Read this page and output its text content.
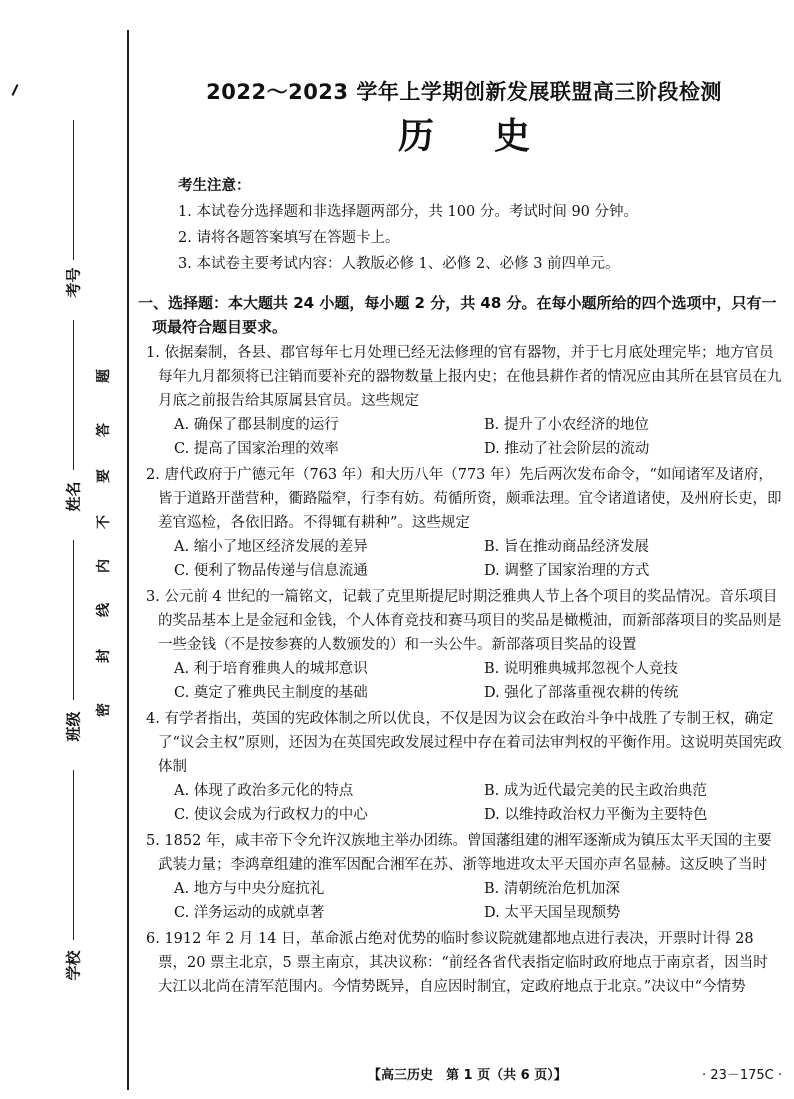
考号
姓名
班级
学校
密
封
线
内
不
要
答
题
2022～2023 学年上学期创新发展联盟高三阶段检测
历史
考生注意：
1. 本试卷分选择题和非选择题两部分，共 100 分。考试时间 90 分钟。
2. 请将各题答案填写在答题卡上。
3. 本试卷主要考试内容：人教版必修 1、必修 2、必修 3 前四单元。
一、选择题：本大题共 24 小题，每小题 2 分，共 48 分。在每小题所给的四个选项中，只有一项最符合题目要求。
1. 依据秦制，各县、郡官每年七月处理已经无法修理的官有器物，并于七月底处理完毕；地方官员每年九月都须将已注销而要补充的器物数量上报内史；在他县耕作者的情况应由其所在县官员在九月底之前报告给其原属县官员。这些规定
A. 确保了郡县制度的运行	B. 提升了小农经济的地位
C. 提高了国家治理的效率	D. 推动了社会阶层的流动
2. 唐代政府于广德元年（763 年）和大历八年（773 年）先后两次发布命令，“如闻诸军及诸府，皆于道路开凿营种，衢路隘窄，行李有妨。苟循所资，颇乖法理。宜令诸道诸使，及州府长吏，即差官巡检，各依旧路。不得辄有耕种”。这些规定
A. 缩小了地区经济发展的差异	B. 旨在推动商品经济发展
C. 便利了物品传递与信息流通	D. 调整了国家治理的方式
3. 公元前 4 世纪的一篇铭文，记载了克里斯提尼时期泛雅典人节上各个项目的奖品情况。音乐项目的奖品基本上是金冠和金钱，个人体育竞技和赛马项目的奖品是橄榄油，而新部落项目的奖品则是一些金钱（不是按参赛的人数颁发的）和一头公牛。新部落项目奖品的设置
A. 利于培育雅典人的城邦意识	B. 说明雅典城邦忽视个人竞技
C. 奠定了雅典民主制度的基础	D. 强化了部落重视农耕的传统
4. 有学者指出，英国的宪政体制之所以优良，不仅是因为议会在政治斗争中战胜了专制王权，确定了“议会主权”原则，还因为在英国宪政发展过程中存在着司法审判权的平衡作用。这说明英国宪政体制
A. 体现了政治多元化的特点	B. 成为近代最完美的民主政治典范
C. 使议会成为行政权力的中心	D. 以维持政治权力平衡为主要特色
5. 1852 年，咸丰帝下令允许汉族地主举办团练。曾国藩组建的湘军逐渐成为镇压太平天国的主要武装力量；李鸿章组建的淮军因配合湘军在苏、浙等地进攻太平天国亦声名显赫。这反映了当时
A. 地方与中央分庭抗礼	B. 清朝统治危机加深
C. 洋务运动的成就卓著	D. 太平天国呈现颓势
6. 1912 年 2 月 14 日，革命派占绝对优势的临时参议院就建都地点进行表决，开票时计得 28 票，20 票主北京，5 票主南京，其决议称：“前经各省代表指定临时政府地点于南京者，因当时大江以北尚在清军范围内。今情势既异，自应因时制宜，定政府地点于北京。”决议中“今情势
【高三历史　第 1 页（共 6 页）】	· 23－175C ·
